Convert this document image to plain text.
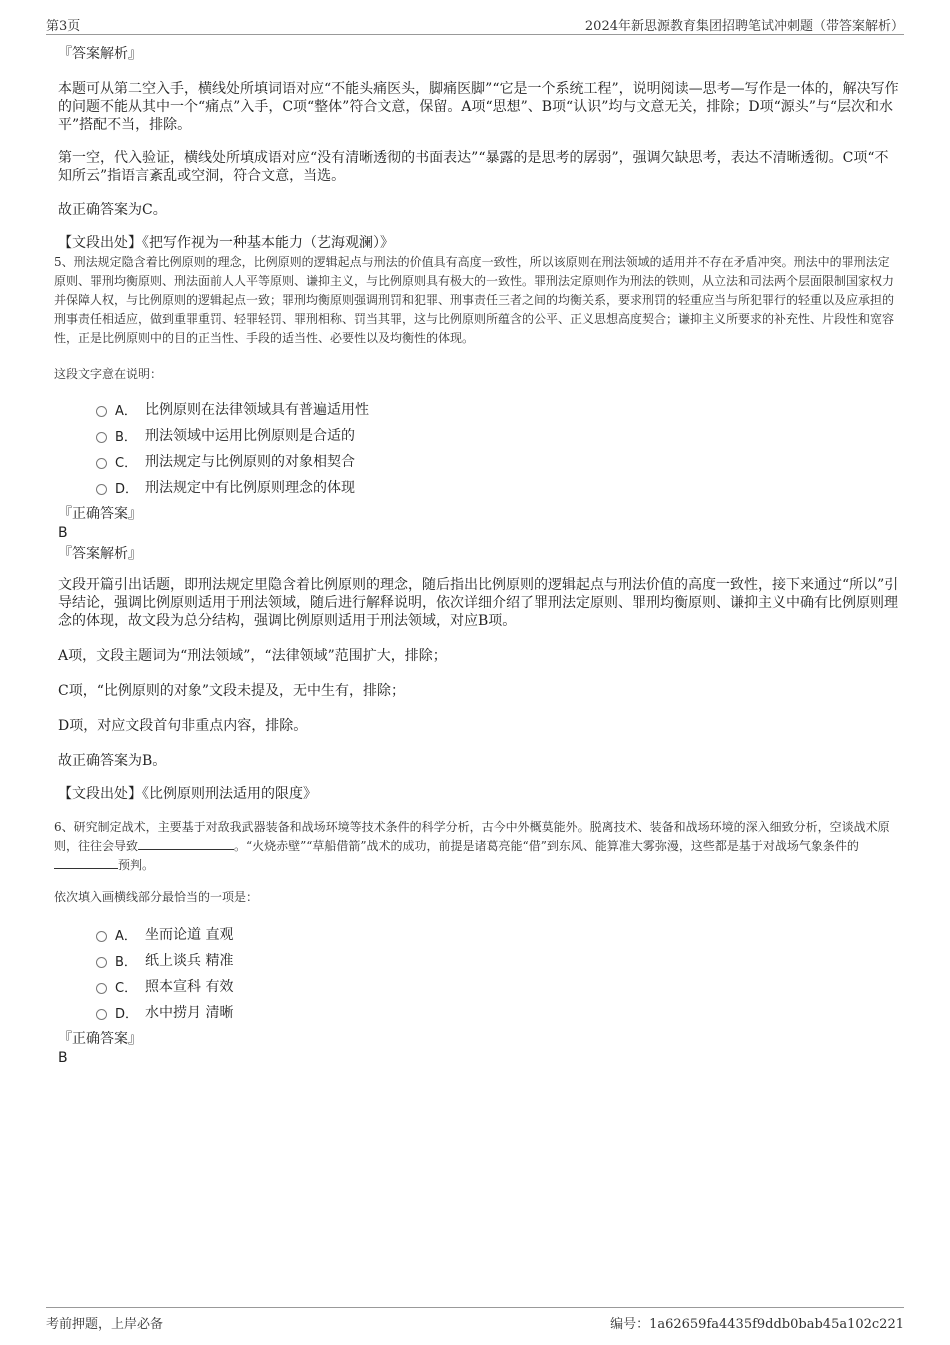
第3页	2024年新思源教育集团招聘笔试冲刺题（带答案解析）
『答案解析』
本题可从第二空入手，横线处所填词语对应“不能头痛医头，脚痛医脚”“它是一个系统工程”，说明阅读—思考—写作是一体的，解决写作的问题不能从其中一个“痛点”入手，C项“整体”符合文意，保留。A项“思想”、B项“认识”均与文意无关，排除；D项“源头”与“层次和水平”搭配不当，排除。
第一空，代入验证，横线处所填成语对应“没有清晰透彻的书面表达”“暴露的是思考的孱弱”，强调欠缺思考，表达不清晰透彻。C项“不知所云”指语言紊乱或空洞，符合文意，当选。
故正确答案为C。
【文段出处】《把写作视为一种基本能力（艺海观澜）》
5、刑法规定隐含着比例原则的理念，比例原则的逻辑起点与刑法的价值具有高度一致性，所以该原则在刑法领域的适用并不存在矛盾冲突。刑法中的罪刑法定原则、罪刑均衡原则、刑法面前人人平等原则、谦抑主义，与比例原则具有极大的一致性。罪刑法定原则作为刑法的铁则，从立法和司法两个层面限制国家权力并保障人权，与比例原则的逻辑起点一致；罪刑均衡原则强调刑罚和犯罪、刑事责任三者之间的均衡关系，要求刑罚的轻重应当与所犯罪行的轻重以及应承担的刑事责任相适应，做到重罪重罚、轻罪轻罚、罪刑相称、罚当其罪，这与比例原则所蕴含的公平、正义思想高度契合；谦抑主义所要求的补充性、片段性和宽容性，正是比例原则中的目的正当性、手段的适当性、必要性以及均衡性的体现。
这段文字意在说明：
A． 比例原则在法律领域具有普遍适用性
B． 刑法领域中运用比例原则是合适的
C． 刑法规定与比例原则的对象相契合
D． 刑法规定中有比例原则理念的体现
『正确答案』
B
『答案解析』
文段开篇引出话题，即刑法规定里隐含着比例原则的理念，随后指出比例原则的逻辑起点与刑法价值的高度一致性，接下来通过“所以”引导结论，强调比例原则适用于刑法领域，随后进行解释说明，依次详细介绍了罪刑法定原则、罪刑均衡原则、谦抑主义中确有比例原则理念的体现，故文段为总分结构，强调比例原则适用于刑法领域，对应B项。
A项，文段主题词为“刑法领域”，“法律领域”范围扩大，排除；
C项，“比例原则的对象”文段未提及，无中生有，排除；
D项，对应文段首句非重点内容，排除。
故正确答案为B。
【文段出处】《比例原则刑法适用的限度》
6、研究制定战术，主要基于对敌我武器装备和战场环境等技术条件的科学分析，古今中外概莫能外。脱离技术、装备和战场环境的深入细致分析，空谈战术原则，往往会导致	。“火烧赤壁”“草船借箭”战术的成功，前提是诸葛亮能“借”到东风、能算准大雾弥漫，这些都是基于对战场气象条件的预判。
依次填入画横线部分最恰当的一项是：
A． 坐而论道 直观
B． 纸上谈兵 精准
C． 照本宣科 有效
D． 水中捞月 清晰
『正确答案』
B
考前押题，上岸必备	编号：1a62659fa4435f9ddb0bab45a102c221
